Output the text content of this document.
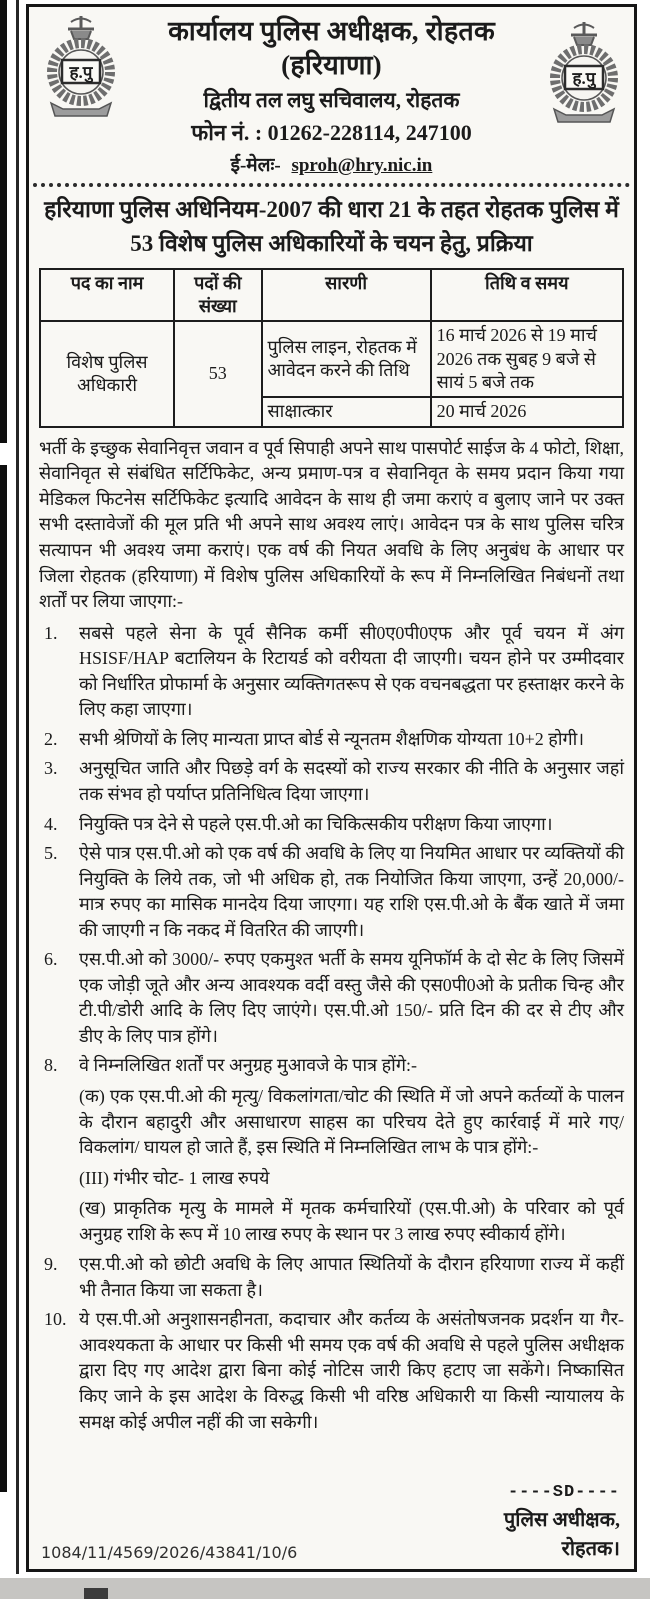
ह.पु	ह.पु
कार्यालय पुलिस अधीक्षक, रोहतक (हरियाणा)
द्वितीय तल लघु सचिवालय, रोहतक
फोन नं. : 01262-228114, 247100
ई-मेलः- sproh@hry.nic.in
हरियाणा पुलिस अधिनियम-2007 की धारा 21 के तहत रोहतक पुलिस में
53 विशेष पुलिस अधिकारियों के चयन हेतु, प्रक्रिया
पद का नाम	पदों की संख्या	सारणी	तिथि व समय
विशेष पुलिस अधिकारी	53	पुलिस लाइन, रोहतक में आवेदन करने की तिथि	16 मार्च 2026 से 19 मार्च 2026 तक सुबह 9 बजे से सायं 5 बजे तक
		साक्षात्कार	20 मार्च 2026

भर्ती के इच्छुक सेवानिवृत्त जवान व पूर्व सिपाही अपने साथ पासपोर्ट साईज के 4 फोटो, शिक्षा, सेवानिवृत से संबंधित सर्टिफिकेट, अन्य प्रमाण-पत्र व सेवानिवृत के समय प्रदान किया गया मेडिकल फिटनेस सर्टिफिकेट इत्यादि आवेदन के साथ ही जमा कराएं व बुलाए जाने पर उक्त सभी दस्तावेजों की मूल प्रति भी अपने साथ अवश्य लाएं। आवेदन पत्र के साथ पुलिस चरित्र सत्यापन भी अवश्य जमा कराएं। एक वर्ष की नियत अवधि के लिए अनुबंध के आधार पर जिला रोहतक (हरियाणा) में विशेष पुलिस अधिकारियों के रूप में निम्नलिखित निबंधनों तथा शर्तों पर लिया जाएगा:-

1. सबसे पहले सेना के पूर्व सैनिक कर्मी सी0ए0पी0एफ और पूर्व चयन में अंग HSISF/HAP बटालियन के रिटायर्ड को वरीयता दी जाएगी। चयन होने पर उम्मीदवार को निर्धारित प्रोफार्मा के अनुसार व्यक्तिगतरूप से एक वचनबद्धता पर हस्ताक्षर करने के लिए कहा जाएगा।
2. सभी श्रेणियों के लिए मान्यता प्राप्त बोर्ड से न्यूनतम शैक्षणिक योग्यता 10+2 होगी।
3. अनुसूचित जाति और पिछड़े वर्ग के सदस्यों को राज्य सरकार की नीति के अनुसार जहां तक संभव हो पर्याप्त प्रतिनिधित्व दिया जाएगा।
4. नियुक्ति पत्र देने से पहले एस.पी.ओ का चिकित्सकीय परीक्षण किया जाएगा।
5. ऐसे पात्र एस.पी.ओ को एक वर्ष की अवधि के लिए या नियमित आधार पर व्यक्तियों की नियुक्ति के लिये तक, जो भी अधिक हो, तक नियोजित किया जाएगा, उन्हें 20,000/- मात्र रुपए का मासिक मानदेय दिया जाएगा। यह राशि एस.पी.ओ के बैंक खाते में जमा की जाएगी न कि नकद में वितरित की जाएगी।
6. एस.पी.ओ को 3000/- रुपए एकमुश्त भर्ती के समय यूनिफॉर्म के दो सेट के लिए जिसमें एक जोड़ी जूते और अन्य आवश्यक वर्दी वस्तु जैसे की एस0पी0ओ के प्रतीक चिन्ह और टी.पी/डोरी आदि के लिए दिए जाएंगे। एस.पी.ओ 150/- प्रति दिन की दर से टीए और डीए के लिए पात्र होंगे।
8. वे निम्नलिखित शर्तों पर अनुग्रह मुआवजे के पात्र होंगे:-

(क) एक एस.पी.ओ की मृत्यु/ विकलांगता/चोट की स्थिति में जो अपने कर्तव्यों के पालन के दौरान बहादुरी और असाधारण साहस का परिचय देते हुए कार्रवाई में मारे गए/ विकलांग/ घायल हो जाते हैं, इस स्थिति में निम्नलिखित लाभ के पात्र होंगे:-

(III) गंभीर चोट- 1 लाख रुपये

(ख) प्राकृतिक मृत्यु के मामले में मृतक कर्मचारियों (एस.पी.ओ) के परिवार को पूर्व अनुग्रह राशि के रूप में 10 लाख रुपए के स्थान पर 3 लाख रुपए स्वीकार्य होंगे।

9. एस.पी.ओ को छोटी अवधि के लिए आपात स्थितियों के दौरान हरियाणा राज्य में कहीं भी तैनात किया जा सकता है।
10. ये एस.पी.ओ अनुशासनहीनता, कदाचार और कर्तव्य के असंतोषजनक प्रदर्शन या गैर-आवश्यकता के आधार पर किसी भी समय एक वर्ष की अवधि से पहले पुलिस अधीक्षक द्वारा दिए गए आदेश द्वारा बिना कोई नोटिस जारी किए हटाए जा सकेंगे। निष्कासित किए जाने के इस आदेश के विरुद्ध किसी भी वरिष्ठ अधिकारी या किसी न्यायालय के समक्ष कोई अपील नहीं की जा सकेगी।
1084/11/4569/2026/43841/10/6
----SD----
पुलिस अधीक्षक,
रोहतक।
